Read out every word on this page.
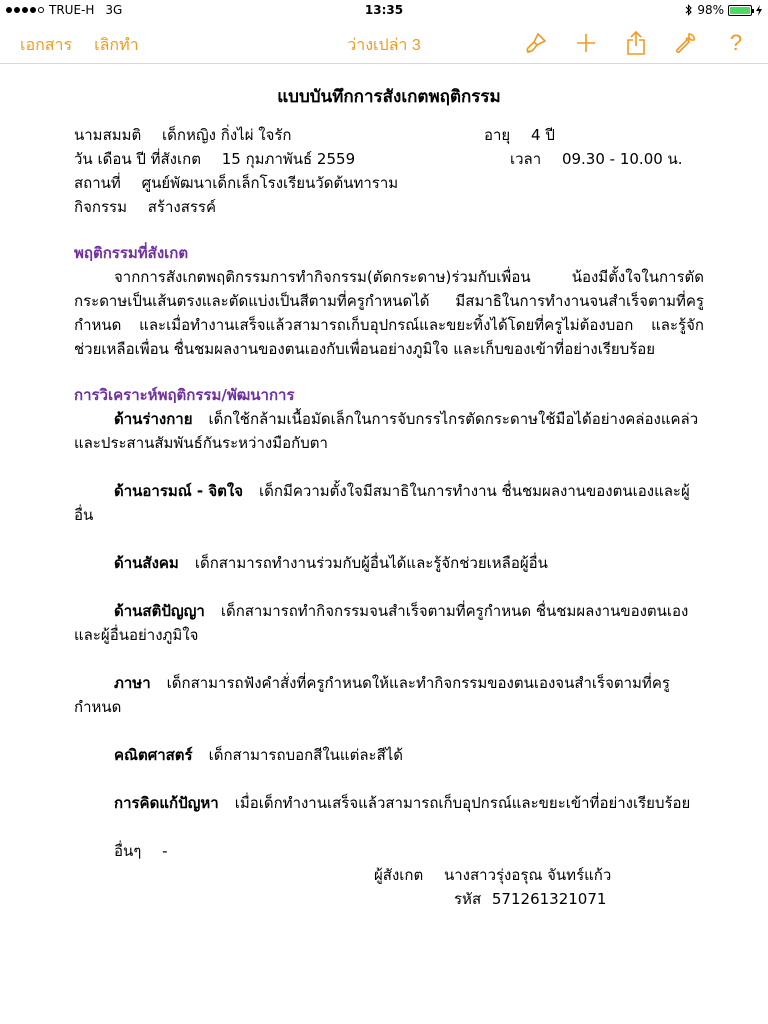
TRUE-H 3G	13:35	98%
เอกสาร เลิกทำ	ว่างเปล่า 3	?
แบบบันทึกการสังเกตพฤติกรรม
นามสมมติ เด็กหญิง กิ่งไผ่ ใจรัก	อายุ 4 ปี
วัน เดือน ปี ที่สังเกต 15 กุมภาพันธ์ 2559	เวลา 09.30 - 10.00 น.
สถานที่ ศูนย์พัฒนาเด็กเล็กโรงเรียนวัดต้นทาราม
กิจกรรม สร้างสรรค์
พฤติกรรมที่สังเกต
จากการสังเกตพฤติกรรมการทำกิจกรรม(ตัดกระดาษ)ร่วมกับเพื่อน น้องมีตั้งใจในการตัดกระดาษเป็นเส้นตรงและตัดแบ่งเป็นสีตามที่ครูกำหนดได้ มีสมาธิในการทำงานจนสำเร็จตามที่ครูกำหนด และเมื่อทำงานเสร็จแล้วสามารถเก็บอุปกรณ์และขยะทิ้งได้โดยที่ครูไม่ต้องบอก และรู้จักช่วยเหลือเพื่อน ชื่นชมผลงานของตนเองกับเพื่อนอย่างภูมิใจ และเก็บของเข้าที่อย่างเรียบร้อย
การวิเคราะห์พฤติกรรม/พัฒนาการ
ด้านร่างกาย เด็กใช้กล้ามเนื้อมัดเล็กในการจับกรรไกรตัดกระดาษใช้มือได้อย่างคล่องแคล่วและประสานสัมพันธ์กันระหว่างมือกับตา
ด้านอารมณ์ - จิตใจ เด็กมีความตั้งใจมีสมาธิในการทำงาน ชื่นชมผลงานของตนเองและผู้อื่น
ด้านสังคม เด็กสามารถทำงานร่วมกับผู้อื่นได้และรู้จักช่วยเหลือผู้อื่น
ด้านสติปัญญา เด็กสามารถทำกิจกรรมจนสำเร็จตามที่ครูกำหนด ชื่นชมผลงานของตนเอง และผู้อื่นอย่างภูมิใจ
ภาษา เด็กสามารถฟังคำสั่งที่ครูกำหนดให้และทำกิจกรรมของตนเองจนสำเร็จตามที่ครูกำหนด
คณิตศาสตร์ เด็กสามารถบอกสีในแต่ละสีได้
การคิดแก้ปัญหา เมื่อเด็กทำงานเสร็จแล้วสามารถเก็บอุปกรณ์และขยะเข้าที่อย่างเรียบร้อย
อื่นๆ -
ผู้สังเกต นางสาวรุ่งอรุณ จันทร์แก้ว
รหัส 571261321071
